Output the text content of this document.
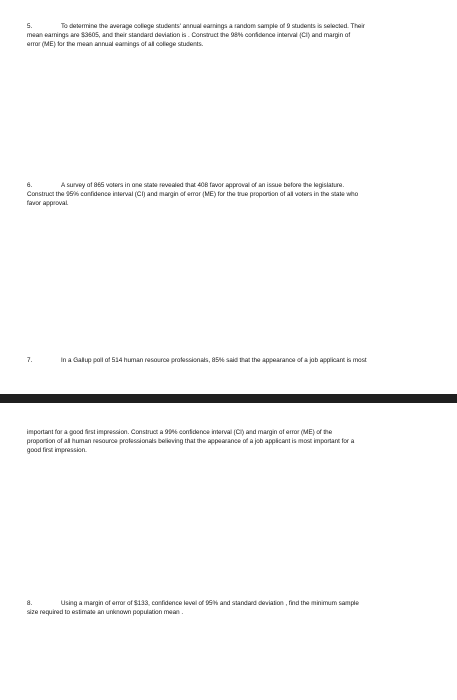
5.	To determine the average college students' annual earnings a random sample of 9 students is selected. Their
mean earnings are $3605, and their standard deviation is . Construct the 98% confidence interval (CI) and margin of
error (ME) for the mean annual earnings of all college students.
6.	A survey of 865 voters in one state revealed that 408 favor approval of an issue before the legislature.
Construct the 95% confidence interval (CI) and margin of error (ME) for the true proportion of all voters in the state who
favor approval.
7.	In a Gallup poll of 514 human resource professionals, 85% said that the appearance of a job applicant is most
important for a good first impression. Construct a 99% confidence interval (CI) and margin of error (ME) of the
proportion of all human resource professionals believing that the appearance of a job applicant is most important for a
good first impression.
8.	Using a margin of error of $133, confidence level of 95% and standard deviation , find the minimum sample
size required to estimate an unknown population mean .
